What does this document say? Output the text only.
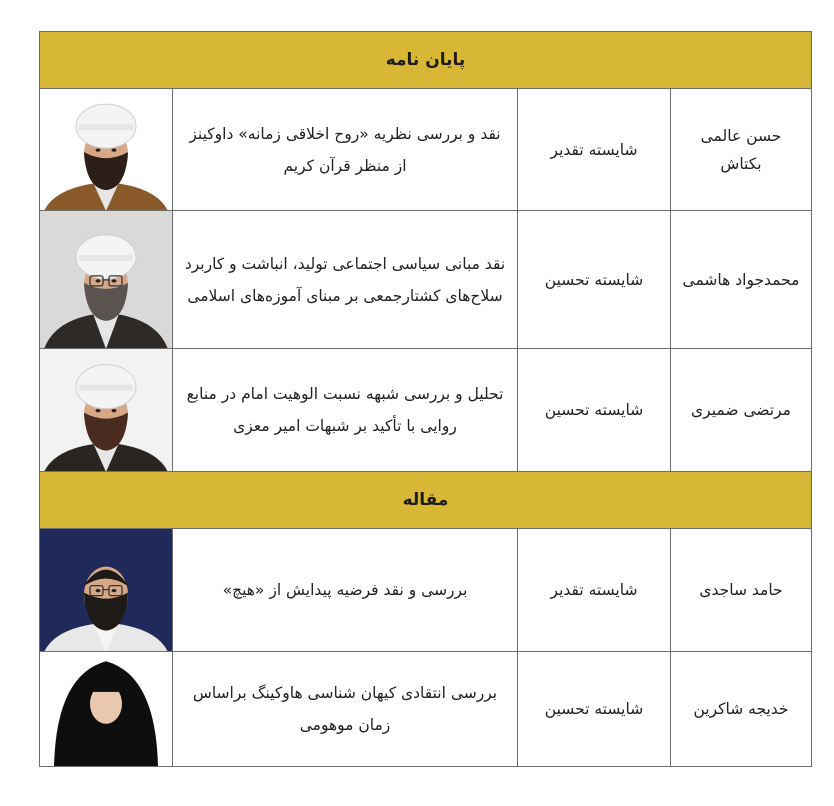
پایان نامه			

	نقد و بررسی نظریه «روح اخلاقی زمانه» داوکینز از منظر قرآن کریم	شایسته تقدیر	حسن عالمی بکتاش

	نقد مبانی سیاسی اجتماعی تولید، انباشت و کاربرد سلاح‌های کشتارجمعی بر مبنای آموزه‌های اسلامی	شایسته تحسین	محمدجواد هاشمی

	تحلیل و بررسی شبهه نسبت الوهیت امام در منابع روایی با تأکید بر شبهات امیر معزی	شایسته تحسین	مرتضی ضمیری
مقاله			

	بررسی و نقد فرضیه پیدایش از «هیچ»	شایسته تقدیر	حامد ساجدی

	بررسی انتقادی کیهان شناسی هاوکینگ براساس زمان موهومی	شایسته تحسین	خدیجه شاکرین
